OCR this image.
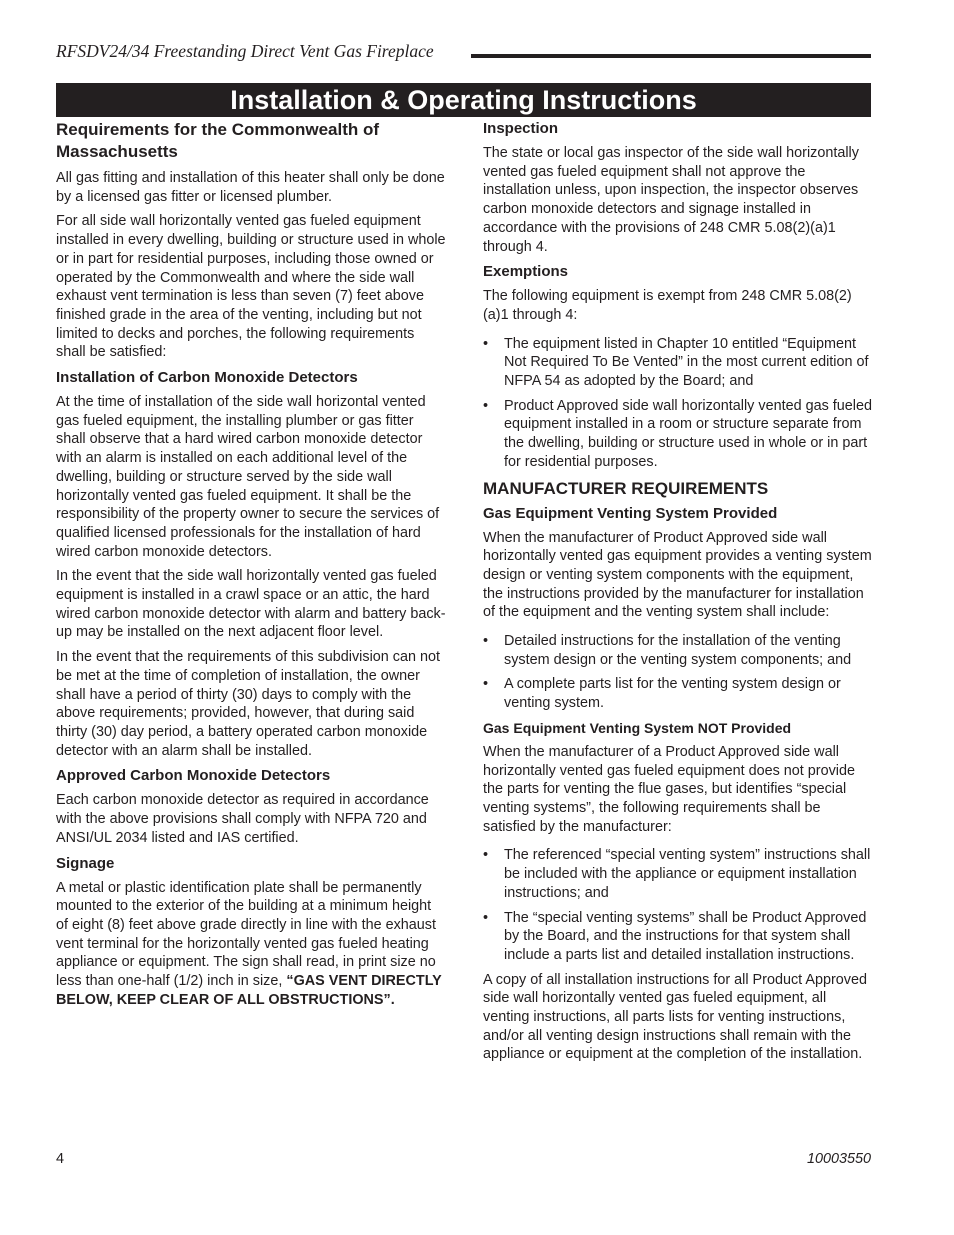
RFSDV24/34 Freestanding Direct Vent Gas Fireplace
Installation & Operating Instructions
Requirements for the Commonwealth of Massachusetts

All gas fitting and installation of this heater shall only be done by a licensed gas fitter or licensed plumber.

For all side wall horizontally vented gas fueled equipment installed in every dwelling, building or structure used in whole or in part for residential purposes, including those owned or operated by the Commonwealth and where the side wall exhaust vent termination is less than seven (7) feet above finished grade in the area of the venting, including but not limited to decks and porches, the following requirements shall be satisfied:

Installation of Carbon Monoxide Detectors

At the time of installation of the side wall horizontal vented gas fueled equipment, the installing plumber or gas fitter shall observe that a hard wired carbon monoxide detector with an alarm is installed on each additional level of the dwelling, building or structure served by the side wall horizontally vented gas fueled equipment. It shall be the responsibility of the property owner to secure the services of qualified licensed professionals for the installation of hard wired carbon monoxide detectors.

In the event that the side wall horizontally vented gas fueled equipment is installed in a crawl space or an attic, the hard wired carbon monoxide detector with alarm and battery back-up may be installed on the next adjacent floor level.

In the event that the requirements of this subdivision can not be met at the time of completion of installation, the owner shall have a period of thirty (30) days to comply with the above requirements; provided, however, that during said thirty (30) day period, a battery operated carbon monoxide detector with an alarm shall be installed.

Approved Carbon Monoxide Detectors

Each carbon monoxide detector as required in accordance with the above provisions shall comply with NFPA 720 and ANSI/UL 2034 listed and IAS certified.

Signage

A metal or plastic identification plate shall be permanently mounted to the exterior of the building at a minimum height of eight (8) feet above grade directly in line with the exhaust vent terminal for the horizontally vented gas fueled heating appliance or equipment. The sign shall read, in print size no less than one-half (1/2) inch in size, “GAS VENT DIRECTLY BELOW, KEEP CLEAR OF ALL OBSTRUCTIONS”.

Inspection

The state or local gas inspector of the side wall horizontally vented gas fueled equipment shall not approve the installation unless, upon inspection, the inspector observes carbon monoxide detectors and signage installed in accordance with the provisions of 248 CMR 5.08(2)(a)1 through 4.

Exemptions

The following equipment is exempt from 248 CMR 5.08(2)(a)1 through 4:

• The equipment listed in Chapter 10 entitled “Equipment Not Required To Be Vented” in the most current edition of NFPA 54 as adopted by the Board; and
• Product Approved side wall horizontally vented gas fueled equipment installed in a room or structure separate from the dwelling, building or structure used in whole or in part for residential purposes.
MANUFACTURER REQUIREMENTS
Gas Equipment Venting System Provided

When the manufacturer of Product Approved side wall horizontally vented gas equipment provides a venting system design or venting system components with the equipment, the instructions provided by the manufacturer for installation of the equipment and the venting system shall include:

• Detailed instructions for the installation of the venting system design or the venting system components; and
• A complete parts list for the venting system design or venting system.
Gas Equipment Venting System NOT Provided

When the manufacturer of a Product Approved side wall horizontally vented gas fueled equipment does not provide the parts for venting the flue gases, but identifies “special venting systems”, the following requirements shall be satisfied by the manufacturer:

• The referenced “special venting system” instructions shall be included with the appliance or equipment installation instructions; and
• The “special venting systems” shall be Product Approved by the Board, and the instructions for that system shall include a parts list and detailed installation instructions.

A copy of all installation instructions for all Product Approved side wall horizontally vented gas fueled equipment, all venting instructions, all parts lists for venting instructions, and/or all venting design instructions shall remain with the appliance or equipment at the completion of the installation.

4	10003550
